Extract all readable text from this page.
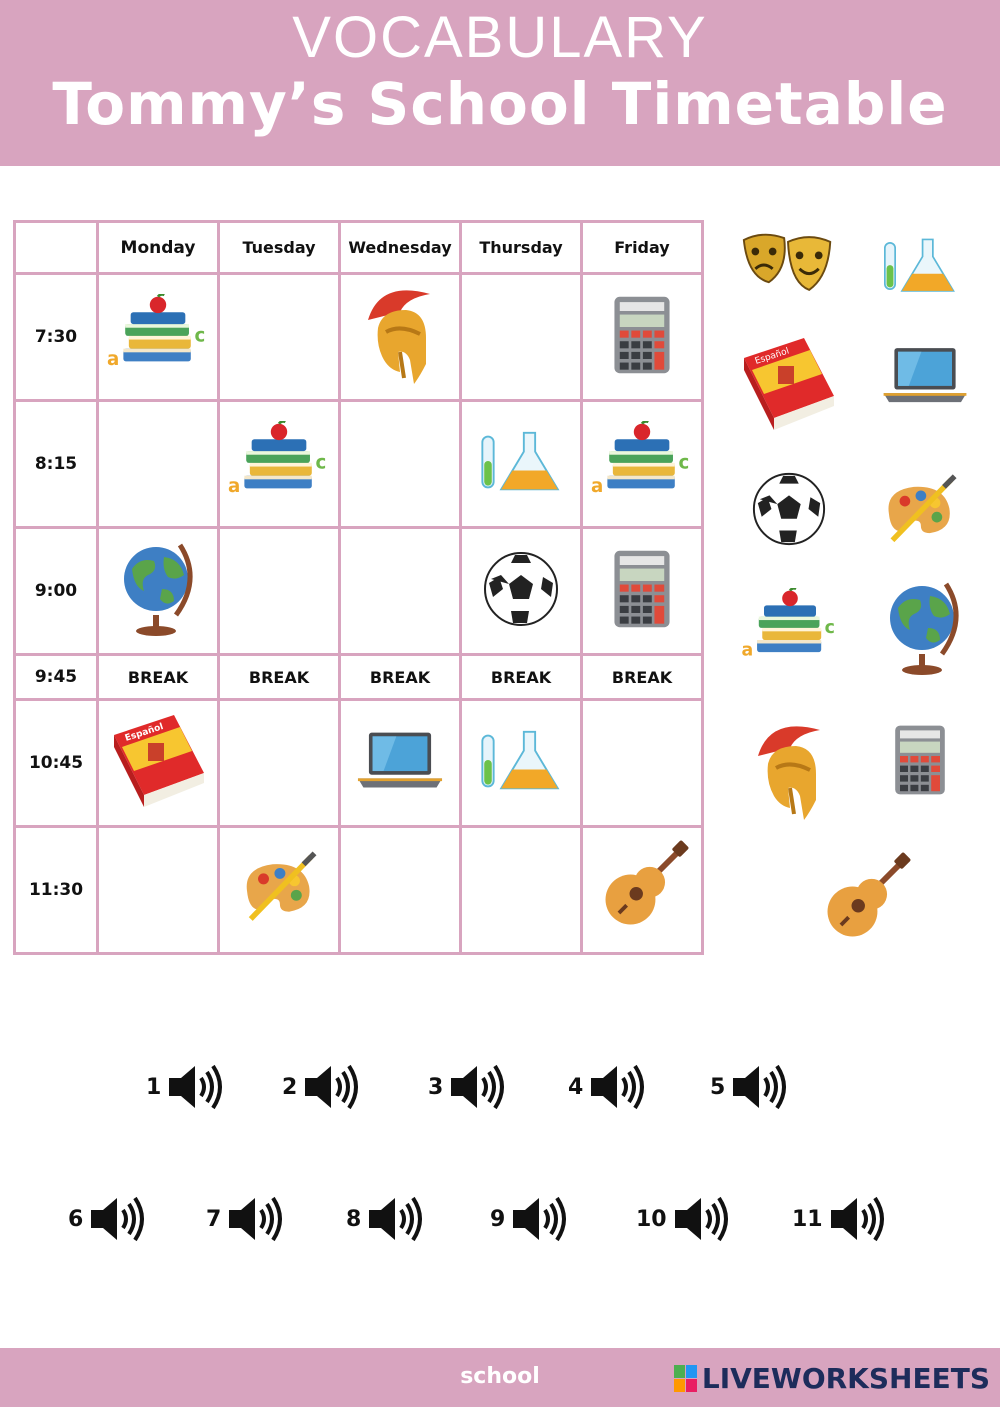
VOCABULARY
Tommy’s School Timetable
	Monday	Tuesday	Wednesday	Thursday	Friday
7:30					
8:15					
9:00					
9:45	BREAK	BREAK	BREAK	BREAK	BREAK
10:45					
11:30					
1	2	3	4	5
6	7	8	9	10	11
school	LIVEWORKSHEETS
